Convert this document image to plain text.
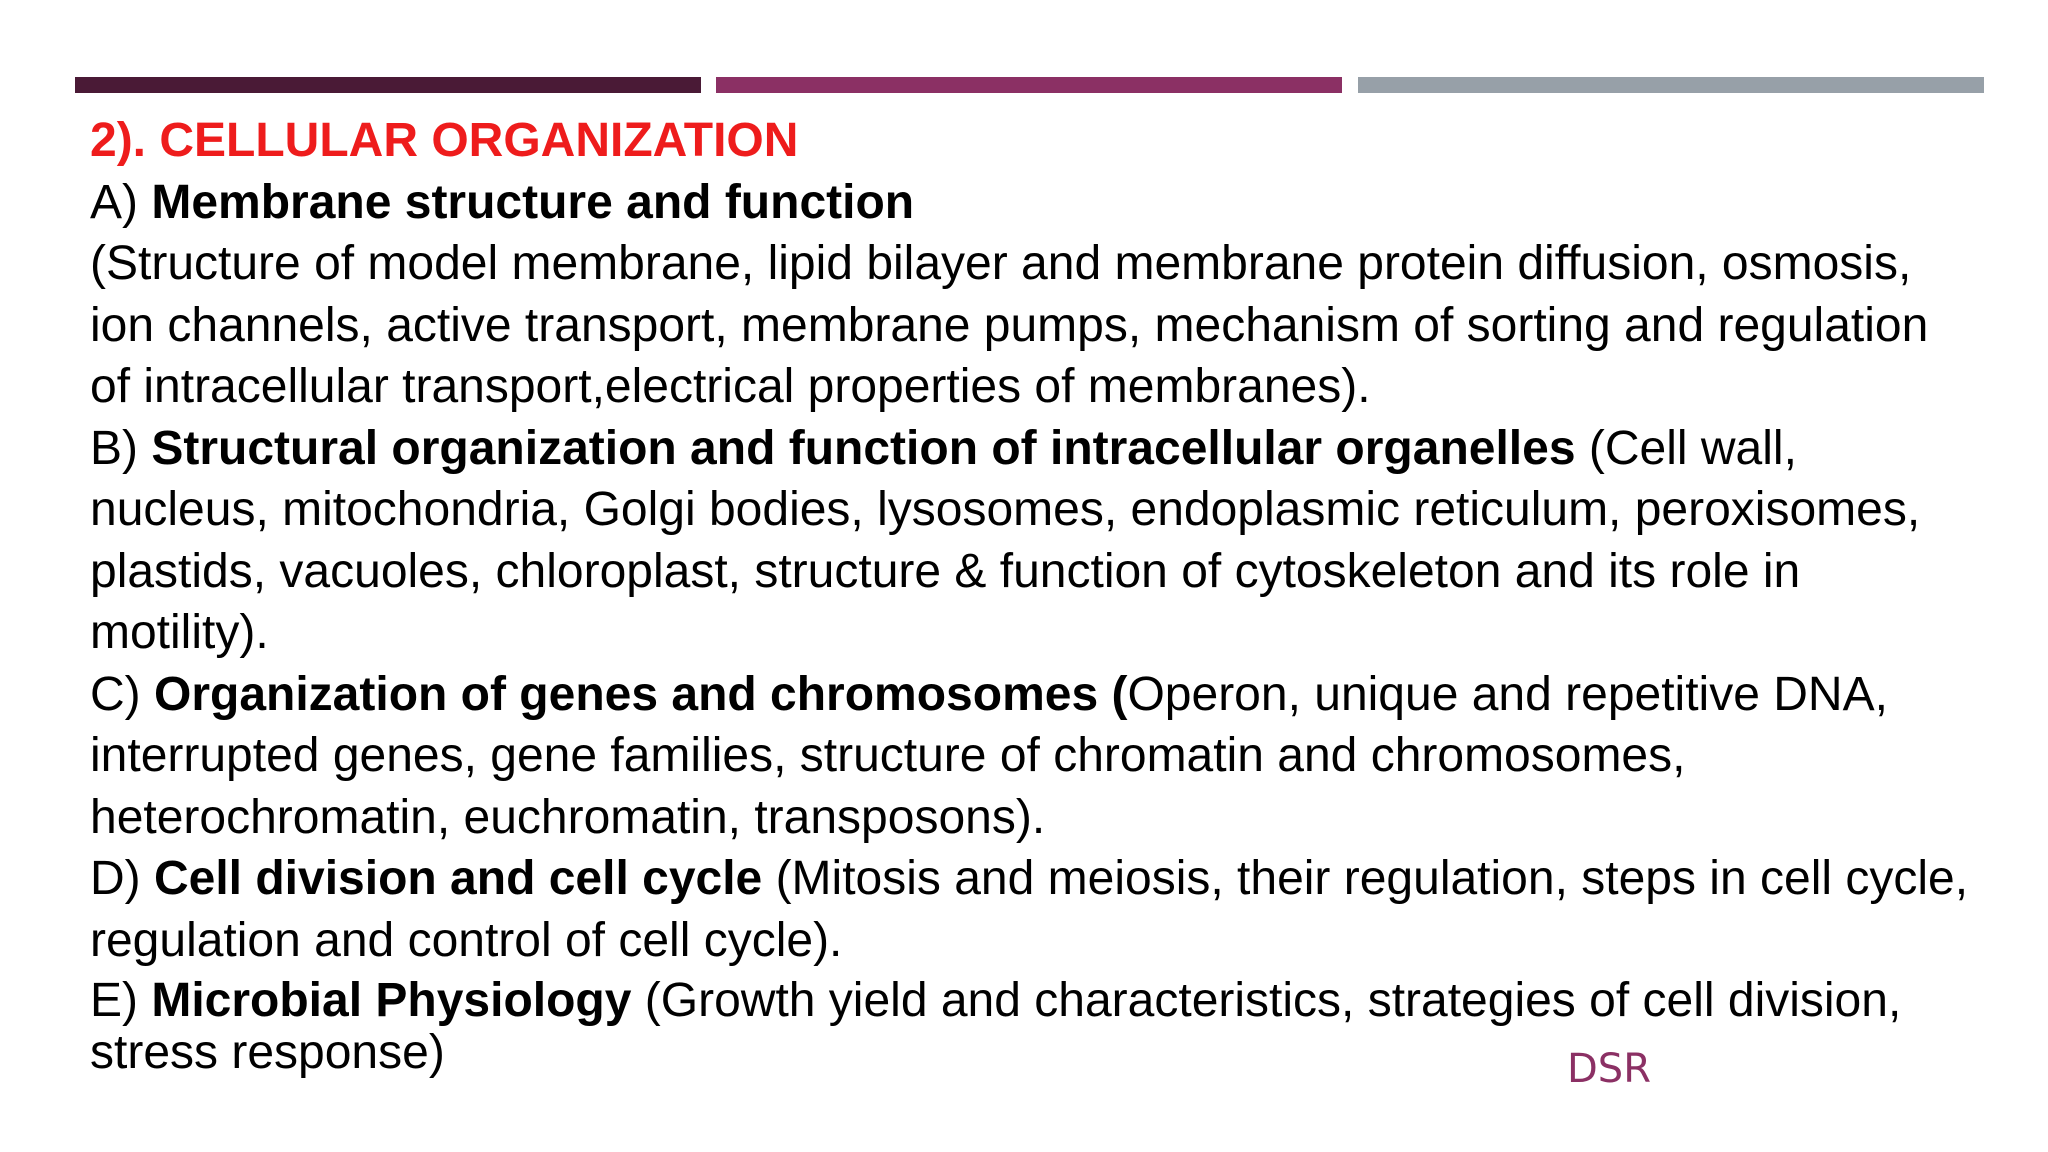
2). CELLULAR ORGANIZATION

A) Membrane structure and function
(Structure of model membrane, lipid bilayer and membrane protein diffusion, osmosis, ion channels, active transport, membrane pumps, mechanism of sorting and regulation of intracellular transport,electrical properties of membranes).

B) Structural organization and function of intracellular organelles (Cell wall, nucleus, mitochondria, Golgi bodies, lysosomes, endoplasmic reticulum, peroxisomes, plastids, vacuoles, chloroplast, structure & function of cytoskeleton and its role in motility).

C) Organization of genes and chromosomes (Operon, unique and repetitive DNA, interrupted genes, gene families, structure of chromatin and chromosomes, heterochromatin, euchromatin, transposons).

D) Cell division and cell cycle (Mitosis and meiosis, their regulation, steps in cell cycle, regulation and control of cell cycle).

E) Microbial Physiology (Growth yield and characteristics, strategies of cell division, stress response)	DSR
